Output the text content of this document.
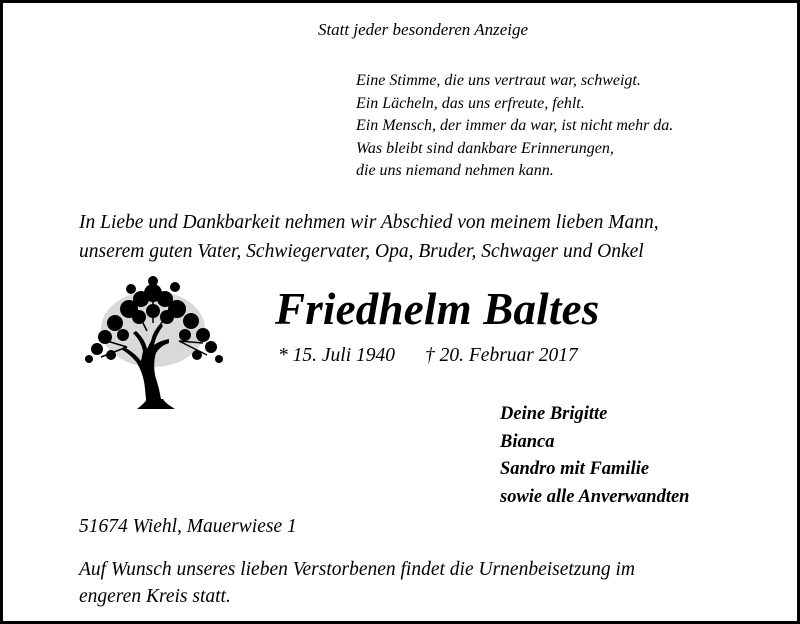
Statt jeder besonderen Anzeige
Eine Stimme, die uns vertraut war, schweigt.
Ein Lächeln, das uns erfreute, fehlt.
Ein Mensch, der immer da war, ist nicht mehr da.
Was bleibt sind dankbare Erinnerungen,
die uns niemand nehmen kann.
In Liebe und Dankbarkeit nehmen wir Abschied von meinem lieben Mann,
unserem guten Vater, Schwiegervater, Opa, Bruder, Schwager und Onkel
Friedhelm Baltes
* 15. Juli 1940 † 20. Februar 2017
Deine Brigitte
Bianca
Sandro mit Familie
sowie alle Anverwandten
51674 Wiehl, Mauerwiese 1
Auf Wunsch unseres lieben Verstorbenen findet die Urnenbeisetzung im
engeren Kreis statt.
